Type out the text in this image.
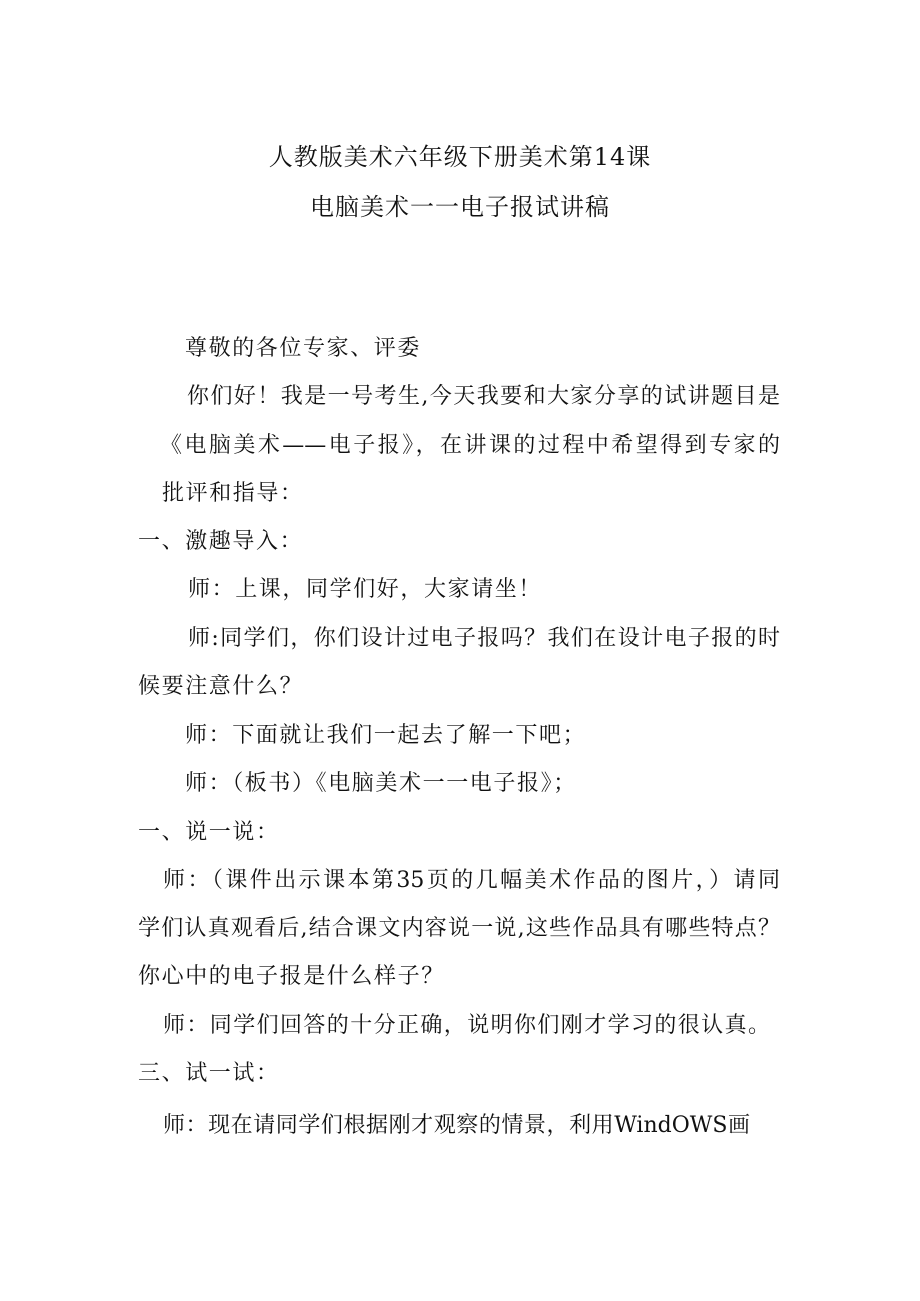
人教版美术六年级下册美术第14课
电脑美术一一电子报试讲稿
尊敬的各位专家、评委
你们好！我是一号考生,今天我要和大家分享的试讲题目是
《电脑美术——电子报》，在讲课的过程中希望得到专家的
批评和指导：
一、激趣导入：
师：上课，同学们好，大家请坐！
师:同学们，你们设计过电子报吗？我们在设计电子报的时
候要注意什么？
师：下面就让我们一起去了解一下吧；
师：（板书）《电脑美术一一电子报》；
一、说一说：
师：（课件出示课本第35页的几幅美术作品的图片，）请同
学们认真观看后,结合课文内容说一说,这些作品具有哪些特点？
你心中的电子报是什么样子？
师：同学们回答的十分正确，说明你们刚才学习的很认真。
三、试一试：
师：现在请同学们根据刚才观察的情景，利用WindOWS画
